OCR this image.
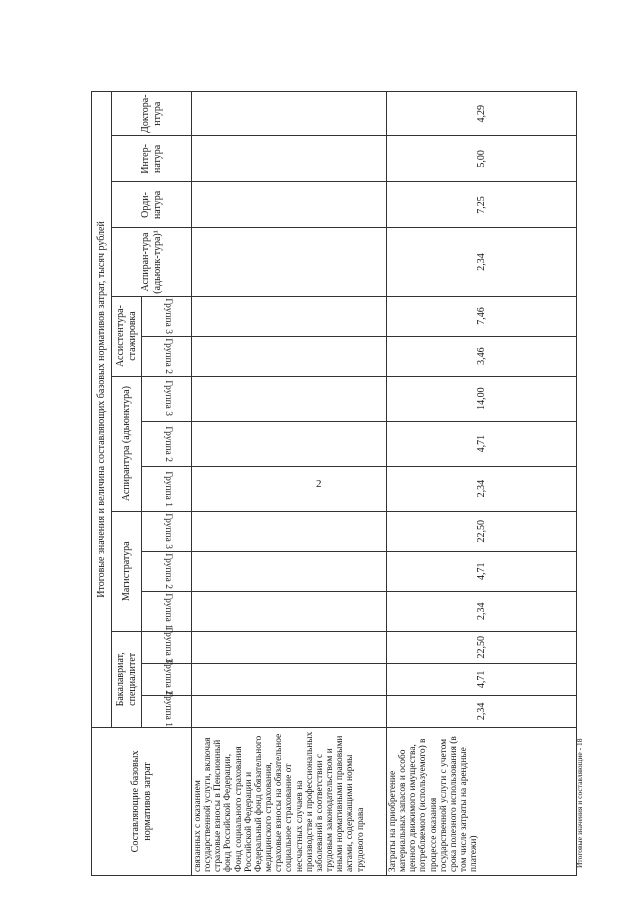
2
Составляющие базовых нормативов затрат	Итоговые значения и величина составляющих базовых нормативов затрат, тысяч рублей														
	Бакалавриат, специалитет			Магистратура			Аспирантура (адьюнктура)			Ассистентура-стажировка		Аспиран-тура (адьюнк-тура)¹	Орди-натура	Интер-натура	Доктора-нтура
	Группа 1	Группа 2	Группа 3	Группа 1	Группа 2	Группа 3	Группа 1	Группа 2	Группа 3	Группа 2	Группа 3				
связанных с оказанием государственной услуги, включая страховые взносы в Пенсионный фонд Российской Федерации, Фонд социального страхования Российской Федерации и Федеральный фонд обязательного медицинского страхования, страховые взносы на обязательное социальное страхование от несчастных случаев на производстве и профессиональных заболеваний в соответствии с трудовым законодательством и иными нормативными правовыми актами, содержащими нормы трудового права															
Затраты на приобретение материальных запасов и особо ценного движимого имущества, потребляемого (используемого) в процессе оказания государственной услуги с учетом срока полезного использования (в том числе затраты на арендные платежи)	2,34	4,71	22,50	2,34	4,71	22,50	2,34	4,71	14,00	3,46	7,46	2,34	7,25	5,00	4,29
Итоговые значения и составляющие - 18
